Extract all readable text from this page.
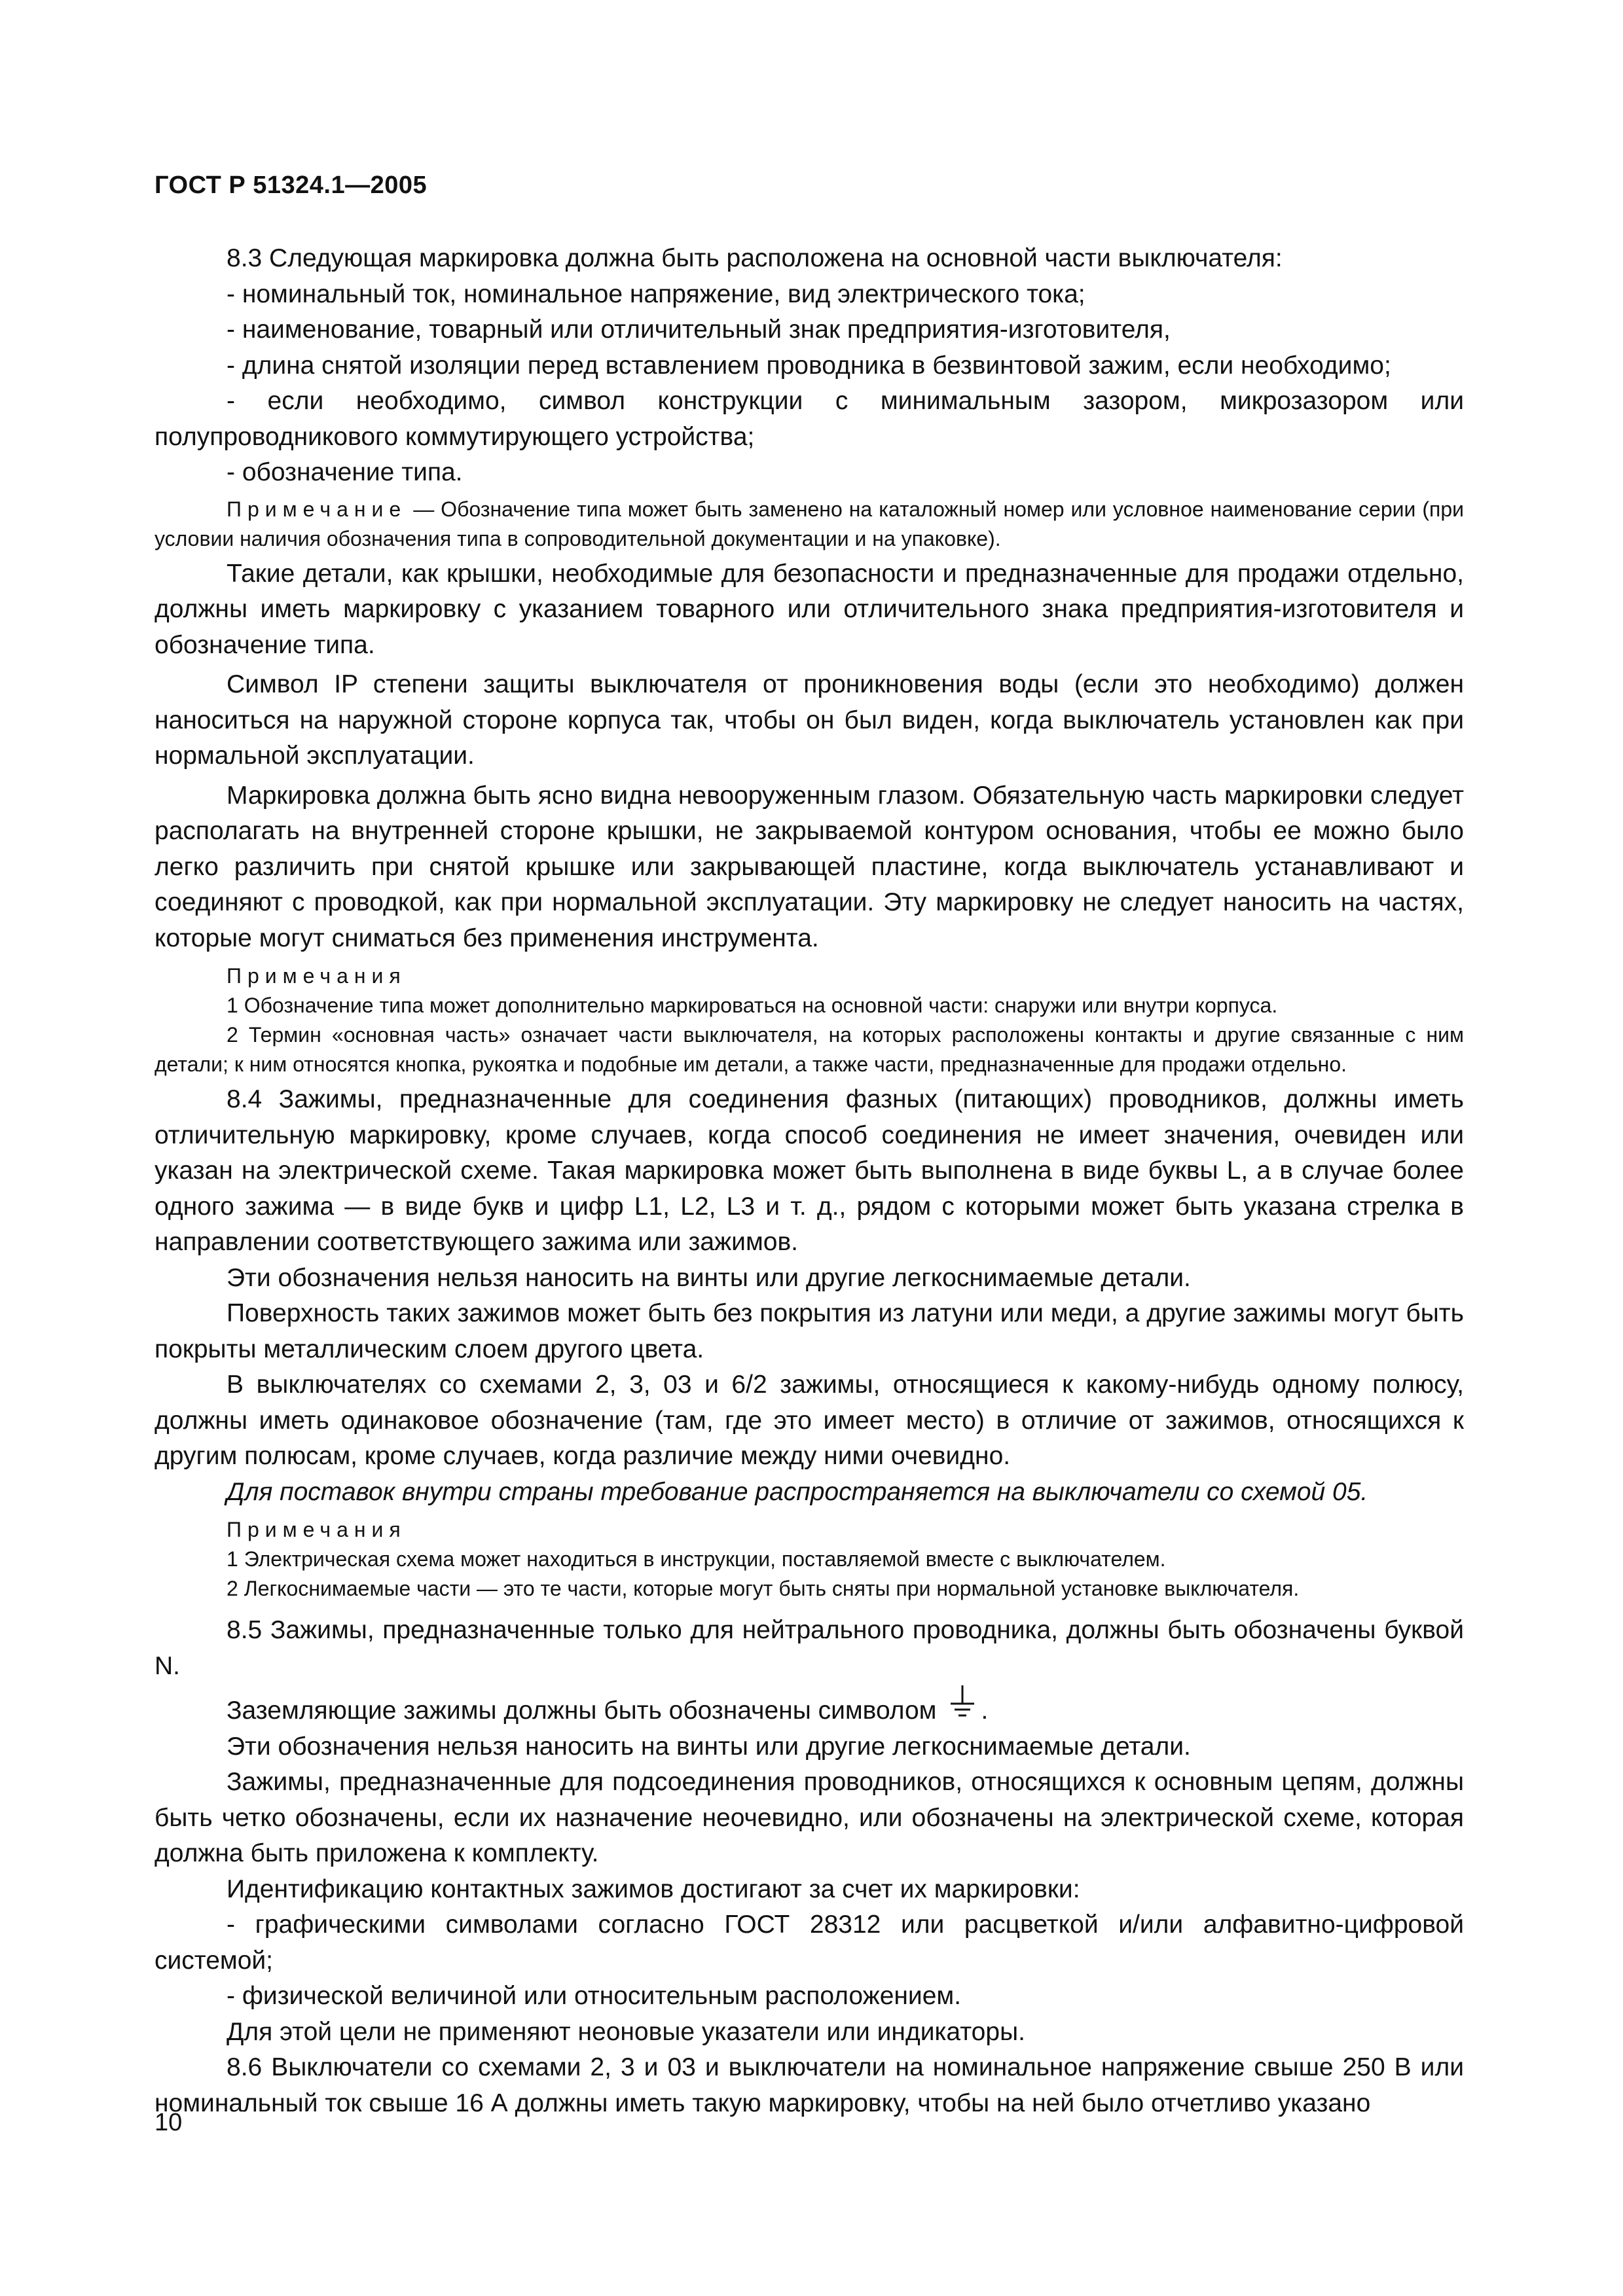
ГОСТ Р 51324.1—2005

8.3 Следующая маркировка должна быть расположена на основной части выключателя:

- номинальный ток, номинальное напряжение, вид электрического тока;

- наименование, товарный или отличительный знак предприятия-изготовителя,

- длина снятой изоляции перед вставлением проводника в безвинтовой зажим, если необходимо;

- если необходимо, символ конструкции с минимальным зазором, микрозазором или полупроводникового коммутирующего устройства;

- обозначение типа.

Примечание — Обозначение типа может быть заменено на каталожный номер или условное наименование серии (при условии наличия обозначения типа в сопроводительной документации и на упаковке).

Такие детали, как крышки, необходимые для безопасности и предназначенные для продажи отдельно, должны иметь маркировку с указанием товарного или отличительного знака предприятия-изготовителя и обозначение типа.

Символ IP степени защиты выключателя от проникновения воды (если это необходимо) должен наноситься на наружной стороне корпуса так, чтобы он был виден, когда выключатель установлен как при нормальной эксплуатации.

Маркировка должна быть ясно видна невооруженным глазом. Обязательную часть маркировки следует располагать на внутренней стороне крышки, не закрываемой контуром основания, чтобы ее можно было легко различить при снятой крышке или закрывающей пластине, когда выключатель устанавливают и соединяют с проводкой, как при нормальной эксплуатации. Эту маркировку не следует наносить на частях, которые могут сниматься без применения инструмента.

Примечания

1 Обозначение типа может дополнительно маркироваться на основной части: снаружи или внутри корпуса.

2 Термин «основная часть» означает части выключателя, на которых расположены контакты и другие связанные с ним детали; к ним относятся кнопка, рукоятка и подобные им детали, а также части, предназначенные для продажи отдельно.

8.4 Зажимы, предназначенные для соединения фазных (питающих) проводников, должны иметь отличительную маркировку, кроме случаев, когда способ соединения не имеет значения, очевиден или указан на электрической схеме. Такая маркировка может быть выполнена в виде буквы L, а в случае более одного зажима — в виде букв и цифр L1, L2, L3 и т. д., рядом с которыми может быть указана стрелка в направлении соответствующего зажима или зажимов.

Эти обозначения нельзя наносить на винты или другие легкоснимаемые детали.

Поверхность таких зажимов может быть без покрытия из латуни или меди, а другие зажимы могут быть покрыты металлическим слоем другого цвета.

В выключателях со схемами 2, 3, 03 и 6/2 зажимы, относящиеся к какому-нибудь одному полюсу, должны иметь одинаковое обозначение (там, где это имеет место) в отличие от зажимов, относящихся к другим полюсам, кроме случаев, когда различие между ними очевидно.

Для поставок внутри страны требование распространяется на выключатели со схемой 05.

Примечания

1 Электрическая схема может находиться в инструкции, поставляемой вместе с выключателем.

2 Легкоснимаемые части — это те части, которые могут быть сняты при нормальной установке выключателя.

8.5 Зажимы, предназначенные только для нейтрального проводника, должны быть обозначены буквой N.

Заземляющие зажимы должны быть обозначены символом .

Эти обозначения нельзя наносить на винты или другие легкоснимаемые детали.

Зажимы, предназначенные для подсоединения проводников, относящихся к основным цепям, должны быть четко обозначены, если их назначение неочевидно, или обозначены на электрической схеме, которая должна быть приложена к комплекту.

Идентификацию контактных зажимов достигают за счет их маркировки:

- графическими символами согласно ГОСТ 28312 или расцветкой и/или алфавитно-цифровой системой;

- физической величиной или относительным расположением.

Для этой цели не применяют неоновые указатели или индикаторы.

8.6 Выключатели со схемами 2, 3 и 03 и выключатели на номинальное напряжение свыше 250 В или номинальный ток свыше 16 А должны иметь такую маркировку, чтобы на ней было отчетливо указано

10
